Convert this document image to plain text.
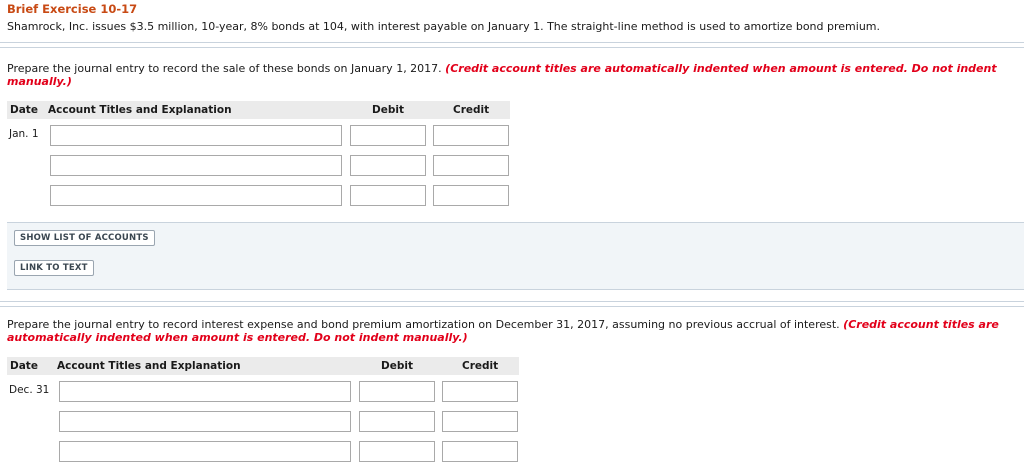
Brief Exercise 10-17
Shamrock, Inc. issues $3.5 million, 10-year, 8% bonds at 104, with interest payable on January 1. The straight-line method is used to amortize bond premium.
Prepare the journal entry to record the sale of these bonds on January 1, 2017. (Credit account titles are automatically indented when amount is entered. Do not indent manually.)
Date Account Titles and Explanation	Debit	Credit
Jan. 1
SHOW LIST OF ACCOUNTS
LINK TO TEXT
Prepare the journal entry to record interest expense and bond premium amortization on December 31, 2017, assuming no previous accrual of interest. (Credit account titles are automatically indented when amount is entered. Do not indent manually.)
Date Account Titles and Explanation	Debit	Credit
Dec. 31
